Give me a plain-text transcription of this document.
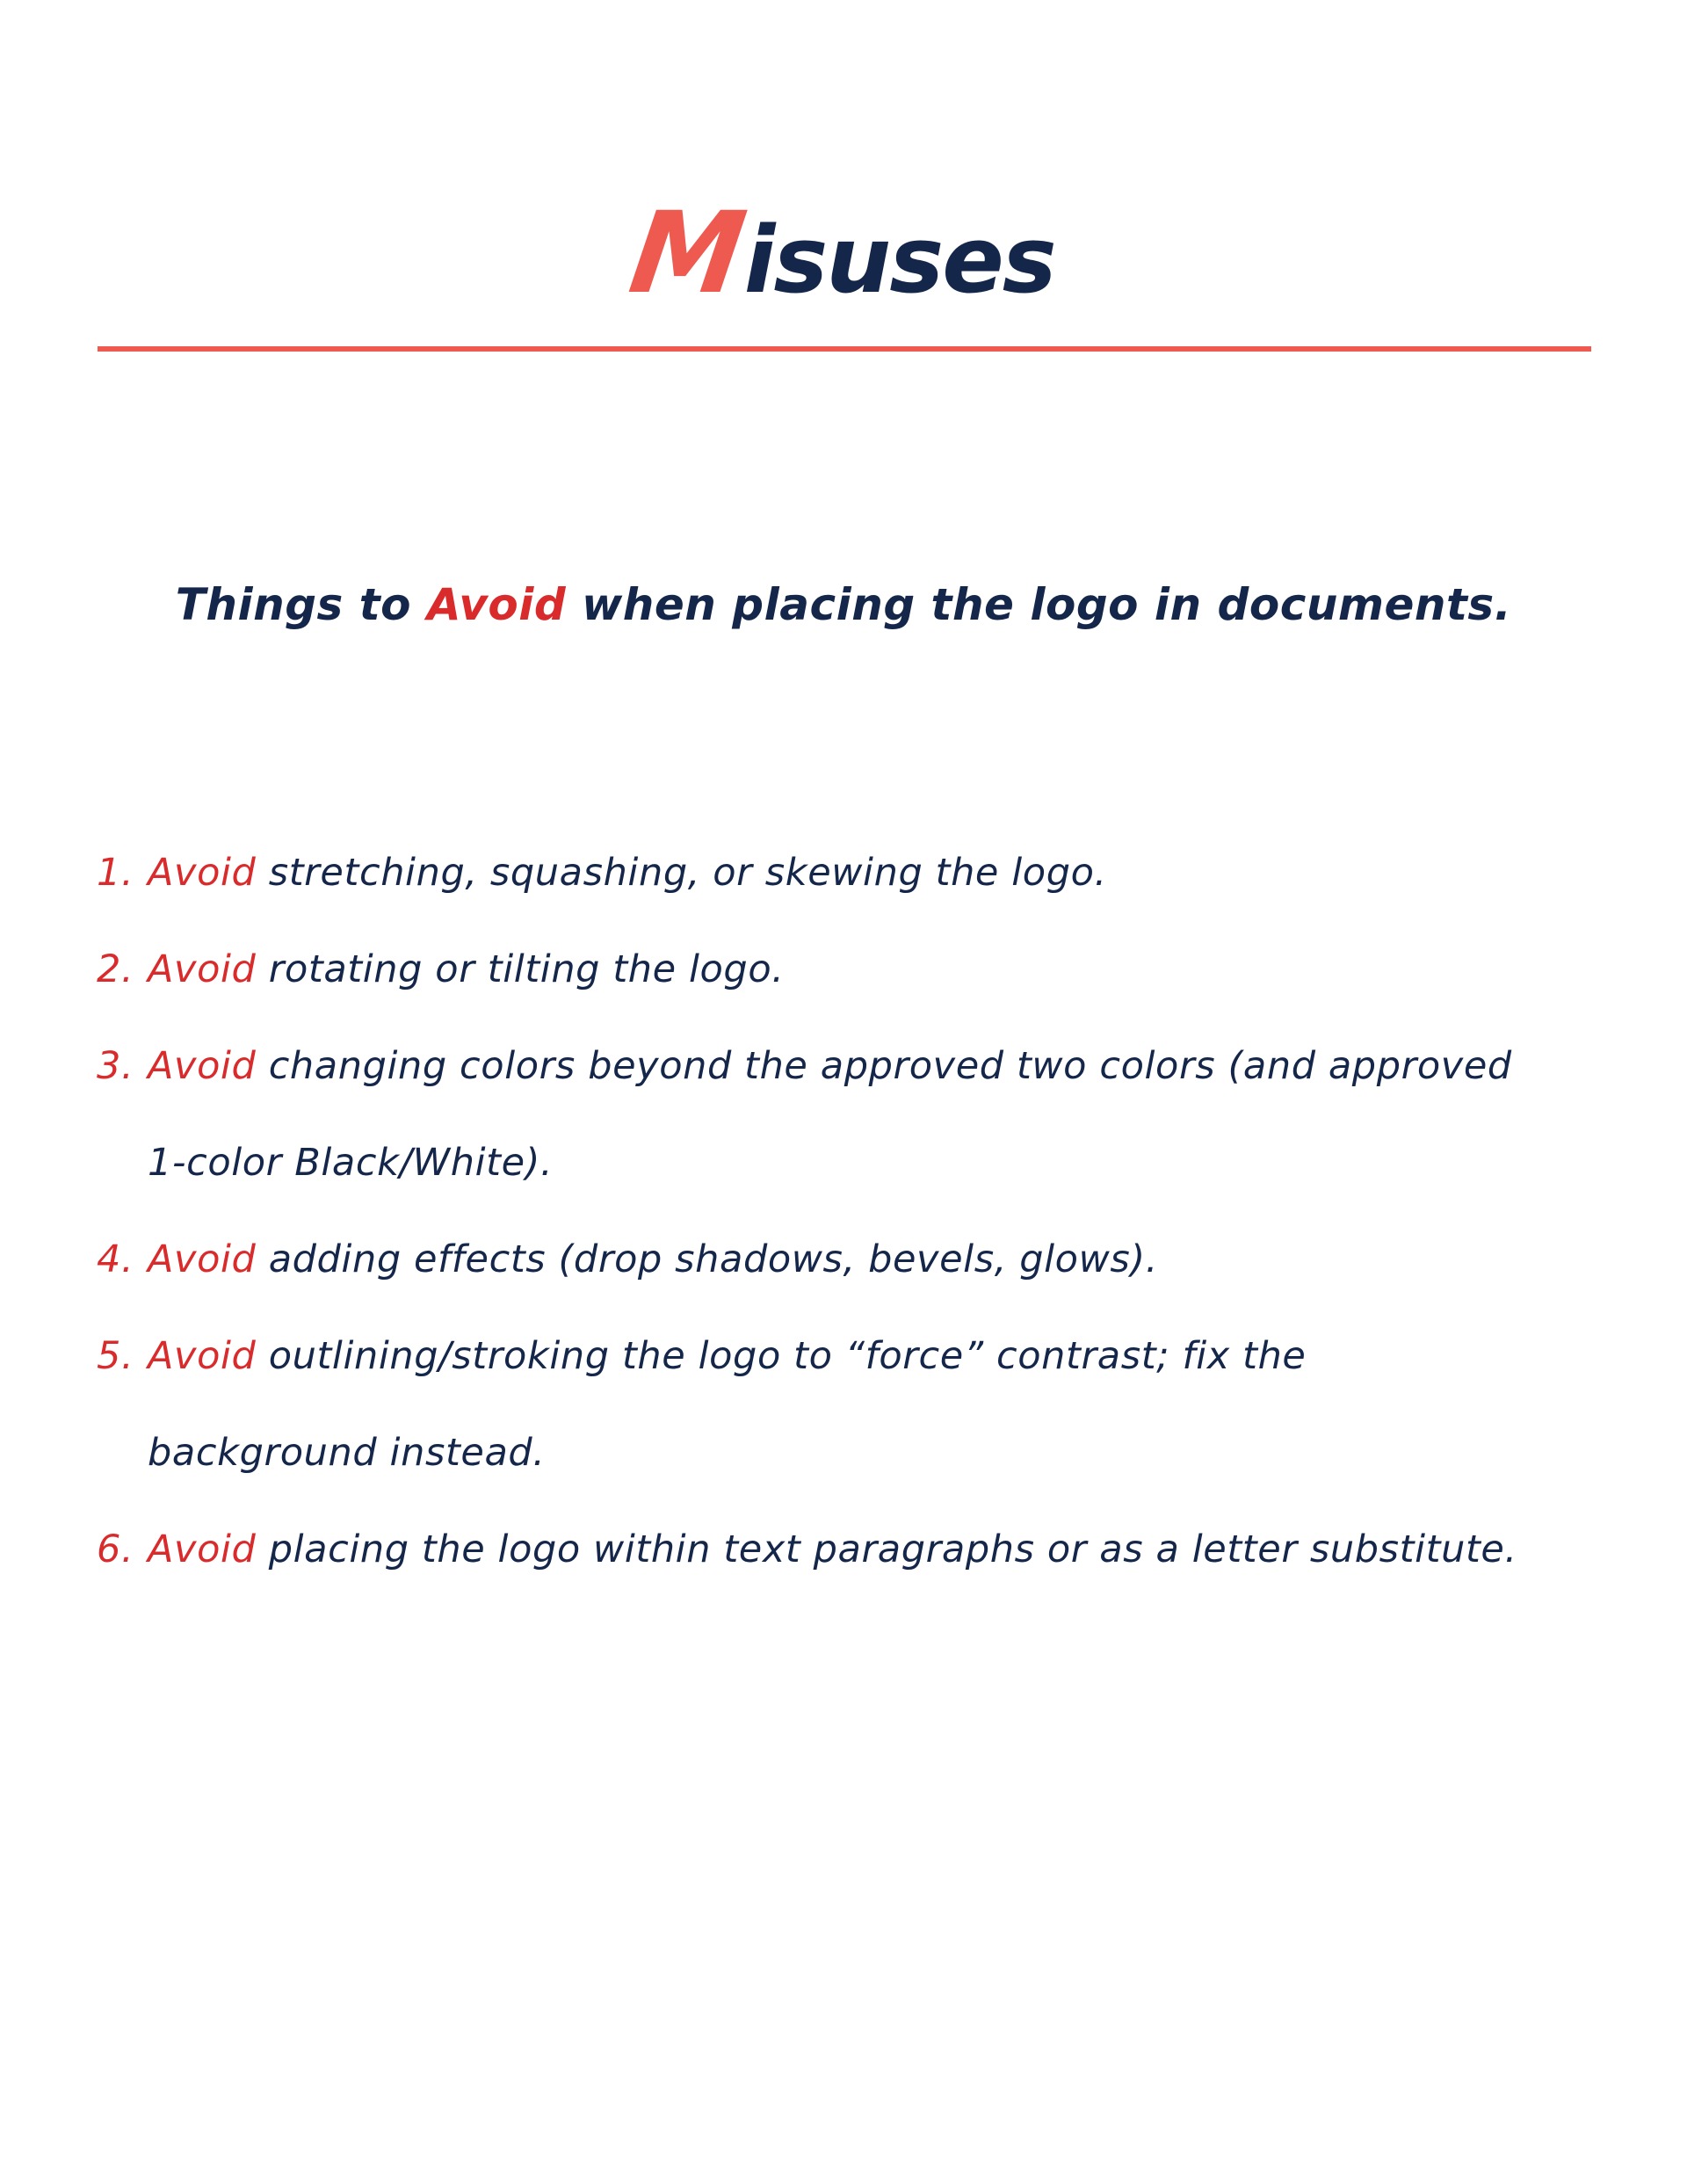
Misuses
Things to Avoid when placing the logo in documents.
1. Avoid stretching, squashing, or skewing the logo.
2. Avoid rotating or tilting the logo.
3. Avoid changing colors beyond the approved two colors (and approved 1-color Black/White).
4. Avoid adding effects (drop shadows, bevels, glows).
5. Avoid outlining/stroking the logo to “force” contrast; fix the background instead.
6. Avoid placing the logo within text paragraphs or as a letter substitute.
